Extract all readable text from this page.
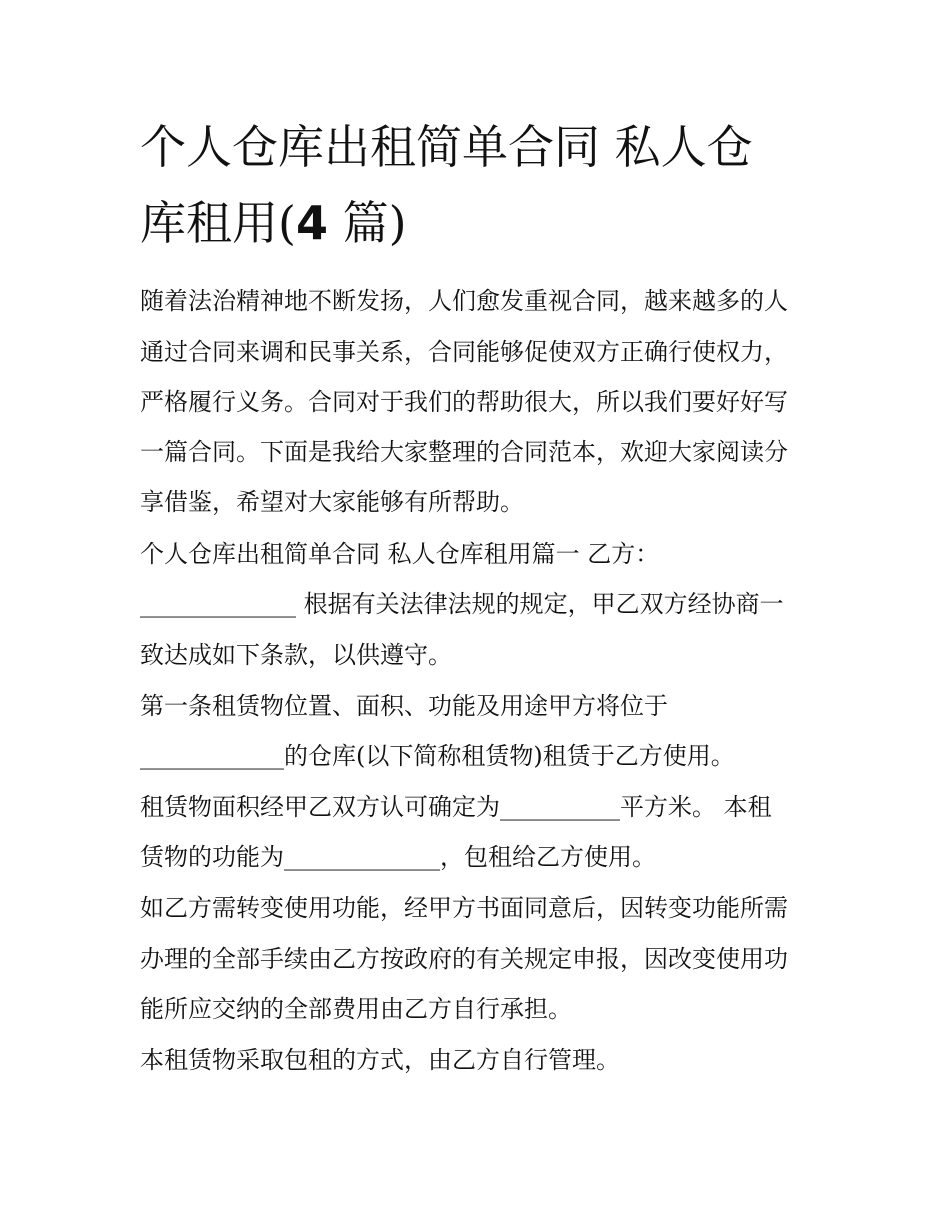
个人仓库出租简单合同 私人仓
库租用(4 篇)
随着法治精神地不断发扬，人们愈发重视合同，越来越多的人
通过合同来调和民事关系，合同能够促使双方正确行使权力，
严格履行义务。合同对于我们的帮助很大，所以我们要好好写
一篇合同。下面是我给大家整理的合同范本，欢迎大家阅读分
享借鉴，希望对大家能够有所帮助。
个人仓库出租简单合同 私人仓库租用篇一 乙方：
_____________ 根据有关法律法规的规定，甲乙双方经协商一
致达成如下条款，以供遵守。
第一条租赁物位置、面积、功能及用途甲方将位于
____________的仓库(以下简称租赁物)租赁于乙方使用。
租赁物面积经甲乙双方认可确定为__________平方米。 本租
赁物的功能为_____________，包租给乙方使用。
如乙方需转变使用功能，经甲方书面同意后，因转变功能所需
办理的全部手续由乙方按政府的有关规定申报，因改变使用功
能所应交纳的全部费用由乙方自行承担。
本租赁物采取包租的方式，由乙方自行管理。
